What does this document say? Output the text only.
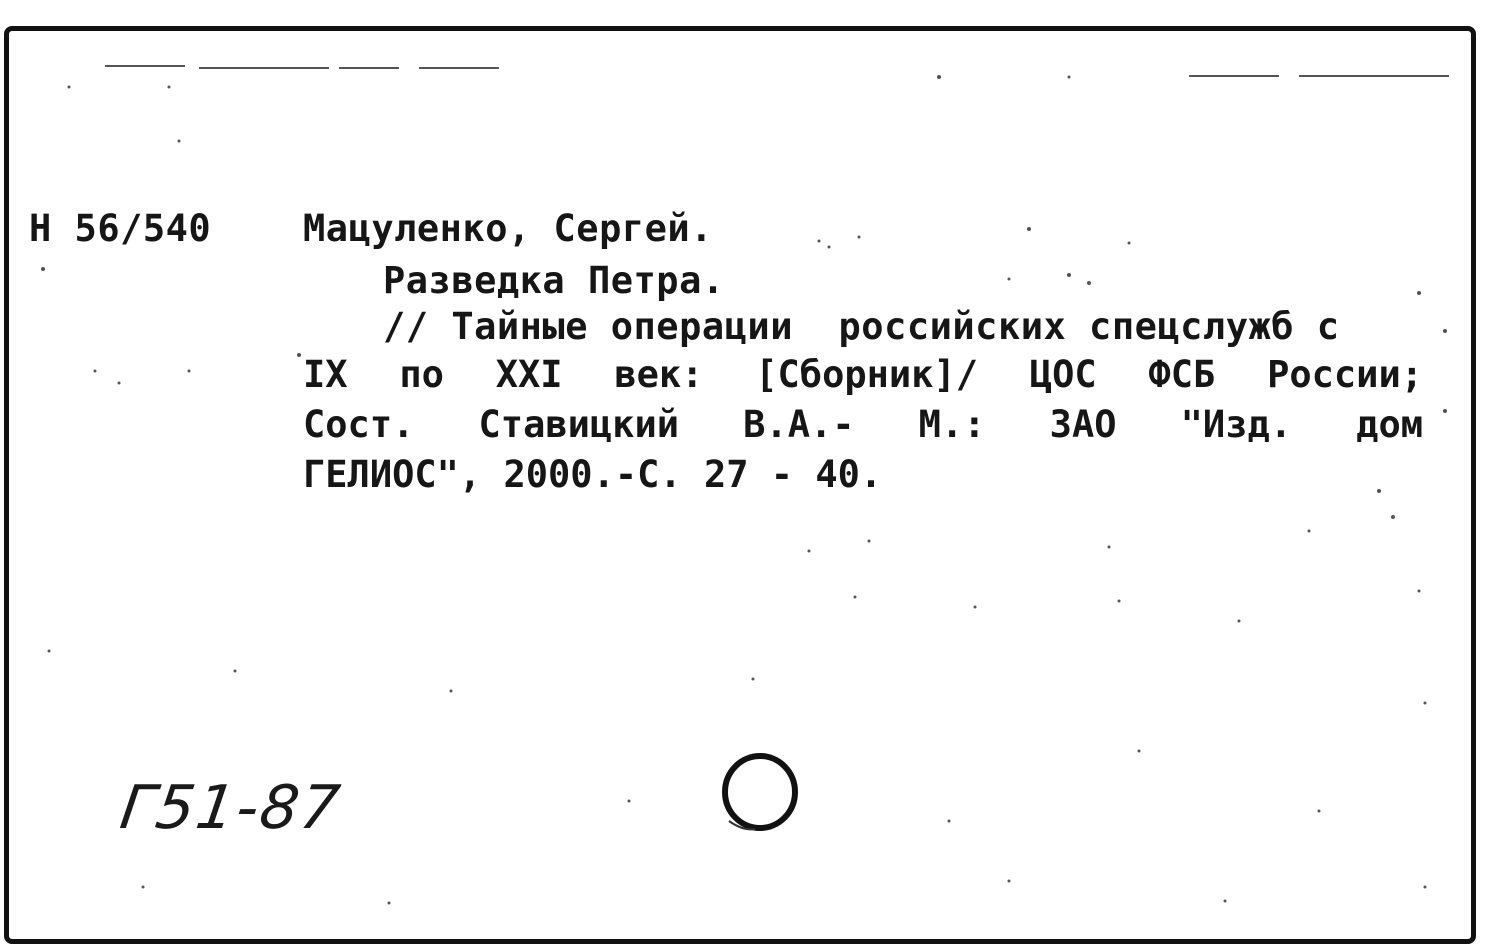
Н 56/540 Мацуленко, Сергей.
Разведка Петра.
// Тайные операции  российских спецслужб с
IX по XXI век: [Сборник]/ ЦОС ФСБ России;
Сост. Ставицкий В.А.- М.: ЗАО "Изд. дом
ГЕЛИОС", 2000.-С. 27 - 40.
Г51-87
